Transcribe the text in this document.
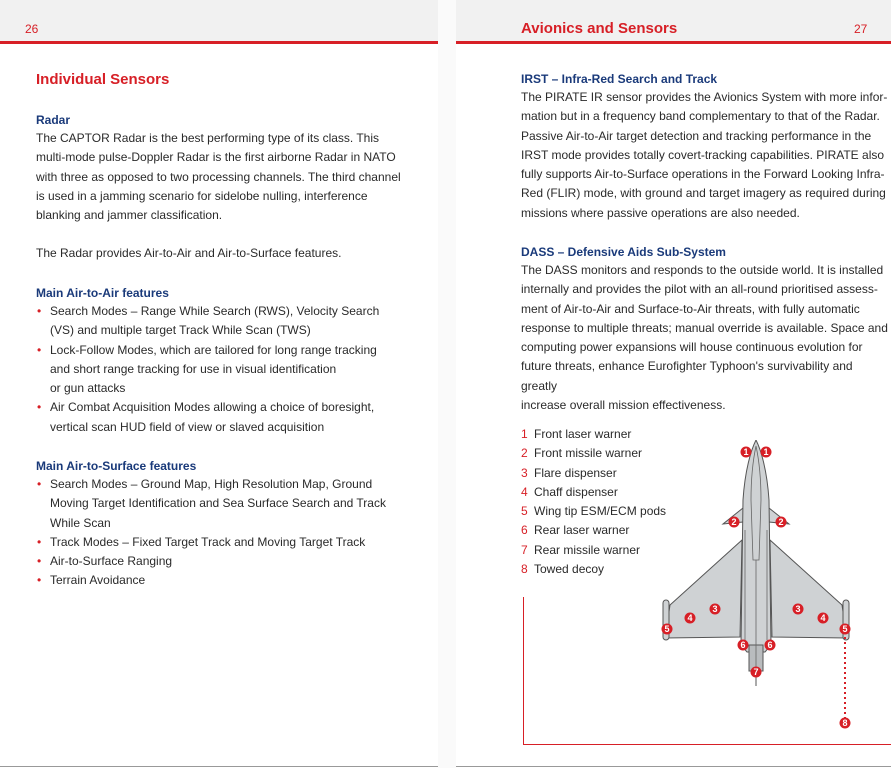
26	27
Avionics and Sensors
Individual Sensors
Radar
The CAPTOR Radar is the best performing type of its class. This
multi-mode pulse-Doppler Radar is the first airborne Radar in NATO
with three as opposed to two processing channels. The third channel
is used in a jamming scenario for sidelobe nulling, interference
blanking and jammer classification.
The Radar provides Air-to-Air and Air-to-Surface features.
Main Air-to-Air features
• Search Modes – Range While Search (RWS), Velocity Search
(VS) and multiple target Track While Scan (TWS)
• Lock-Follow Modes, which are tailored for long range tracking
and short range tracking for use in visual identification
or gun attacks
• Air Combat Acquisition Modes allowing a choice of boresight,
vertical scan HUD field of view or slaved acquisition
Main Air-to-Surface features
• Search Modes – Ground Map, High Resolution Map, Ground
Moving Target Identification and Sea Surface Search and Track
While Scan
• Track Modes – Fixed Target Track and Moving Target Track
• Air-to-Surface Ranging
• Terrain Avoidance
IRST – Infra-Red Search and Track
The PIRATE IR sensor provides the Avionics System with more infor-
mation but in a frequency band complementary to that of the Radar.
Passive Air-to-Air target detection and tracking performance in the
IRST mode provides totally covert-tracking capabilities. PIRATE also
fully supports Air-to-Surface operations in the Forward Looking Infra-
Red (FLIR) mode, with ground and target imagery as required during
missions where passive operations are also needed.
DASS – Defensive Aids Sub-System
The DASS monitors and responds to the outside world. It is installed
internally and provides the pilot with an all-round prioritised assess-
ment of Air-to-Air and Surface-to-Air threats, with fully automatic
response to multiple threats; manual override is available. Space and
computing power expansions will house continuous evolution for
future threats, enhance Eurofighter Typhoon's survivability and greatly
increase overall mission effectiveness.
1 Front laser warner
2 Front missile warner
3 Flare dispenser
4 Chaff dispenser
5 Wing tip ESM/ECM pods
6 Rear laser warner
7 Rear missile warner
8 Towed decoy
1 1
2	2
3	3
4	4
5	5
6 6
7
8
